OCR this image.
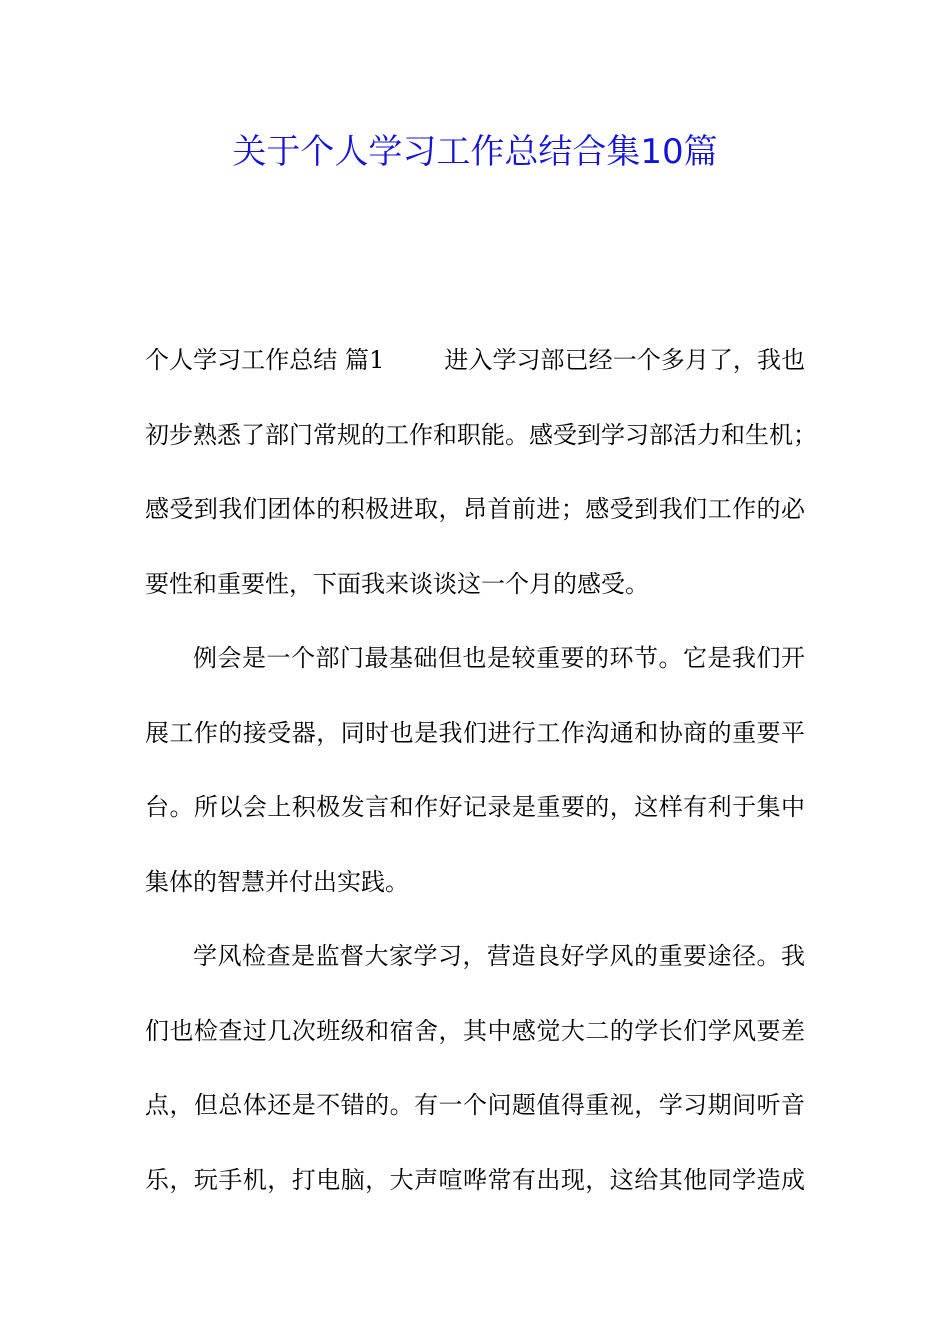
关于个人学习工作总结合集10篇
个人学习工作总结 篇1	进入学习部已经一个多月了，我也
初步熟悉了部门常规的工作和职能。感受到学习部活力和生机；
感受到我们团体的积极进取，昂首前进；感受到我们工作的必
要性和重要性，下面我来谈谈这一个月的感受。
例会是一个部门最基础但也是较重要的环节。它是我们开
展工作的接受器，同时也是我们进行工作沟通和协商的重要平
台。所以会上积极发言和作好记录是重要的，这样有利于集中
集体的智慧并付出实践。
学风检查是监督大家学习，营造良好学风的重要途径。我
们也检查过几次班级和宿舍，其中感觉大二的学长们学风要差
点，但总体还是不错的。有一个问题值得重视，学习期间听音
乐，玩手机，打电脑，大声喧哗常有出现，这给其他同学造成
